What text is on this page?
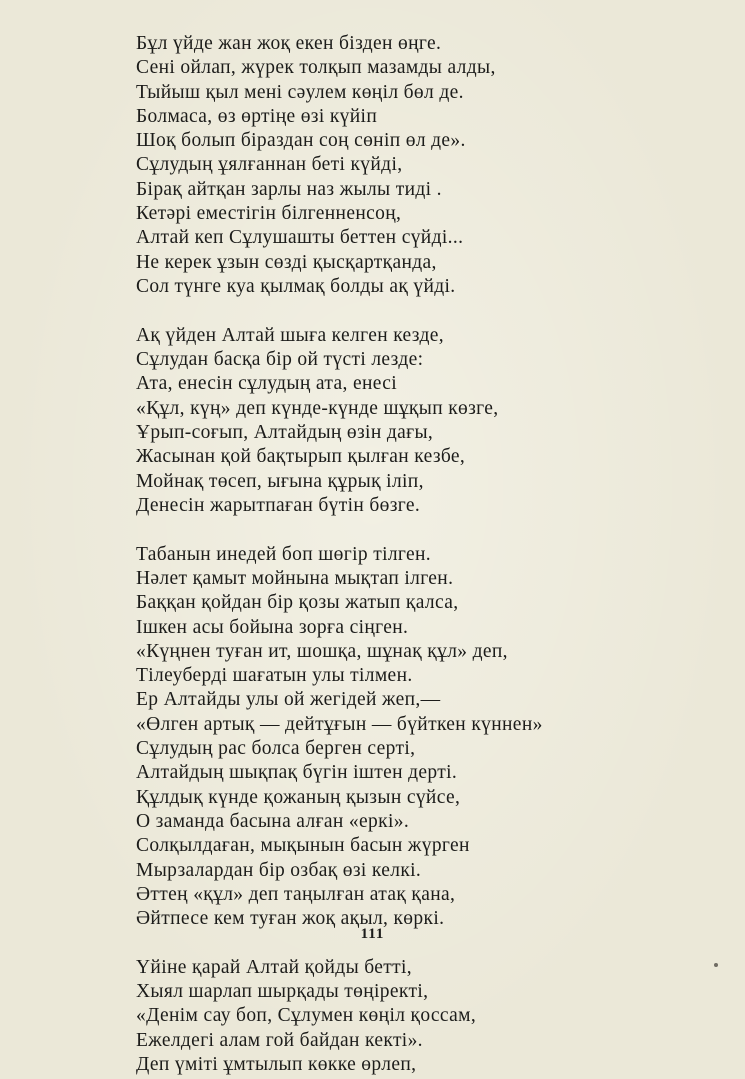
Бұл үйде жан жоқ екен бізден өңге.
Сені ойлап, жүрек толқып мазамды алды,
Тыйыш қыл мені сәулем көңіл бөл де.
Болмаса, өз өртіңе өзі күйіп
Шоқ болып біраздан соң сөніп өл де».
Сұлудың ұялғаннан беті күйді,
Бірақ айтқан зарлы наз жылы тиді .
Кетәрі еместігін білгенненсоң,
Алтай кеп Сұлушашты беттен сүйді...
Не керек ұзын сөзді қысқартқанда,
Сол түнге куа қылмақ болды ақ үйді.
Ақ үйден Алтай шыға келген кезде,
Сұлудан басқа бір ой түсті лезде:
Ата, енесін сұлудың ата, енесі
«Құл, күң» деп күнде-күнде шұқып көзге,
Ұрып-соғып, Алтайдың өзін дағы,
Жасынан қой бақтырып қылған кезбе,
Мойнақ төсеп, ығына құрық іліп,
Денесін жарытпаған бүтін бөзге.
Табанын инедей боп шөгір тілген.
Нәлет қамыт мойнына мықтап ілген.
Баққан қойдан бір қозы жатып қалса,
Ішкен асы бойына зорға сіңген.
«Күңнен туған ит, шошқа, шұнақ құл» деп,
Тілеуберді шағатын улы тілмен.
Ер Алтайды улы ой жегідей жеп,—
«Өлген артық — дейтұғын — бүйткен күннен»
Сұлудың рас болса берген серті,
Алтайдың шықпақ бүгін іштен дерті.
Құлдық күнде қожаның қызын сүйсе,
О заманда басына алған «еркі».
Солқылдаған, мықынын басын жүрген
Мырзалардан бір озбақ өзі келкі.
Әттең «құл» деп таңылған атақ қана,
Әйтпесе кем туған жоқ ақыл, көркі.
Үйіне қарай Алтай қойды бетті,
Хыял шарлап шырқады төңіректі,
«Денім сау боп, Сұлумен көңіл қоссам,
Ежелдегі алам гой байдан кекті».
Деп үміті ұмтылып көкке өрлеп,
111
